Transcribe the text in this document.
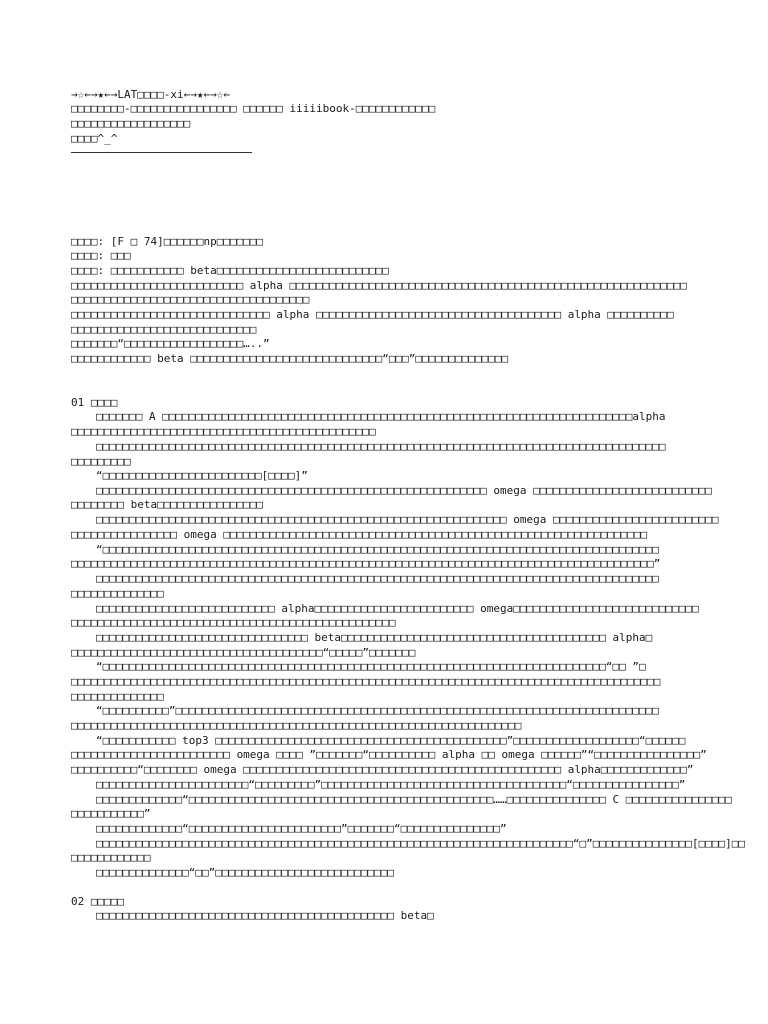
→☆←→★←→LAT□□□□-xi←→★←→☆←
□□□□□□□□-□□□□□□□□□□□□□□□□ □□□□□□ iiiiibook-□□□□□□□□□□□□
□□□□□□□□□□□□□□□□□□
□□□□^_^
□□□□: [F □ 74]□□□□□□np□□□□□□□
□□□□: □□□
□□□□: □□□□□□□□□□□ beta□□□□□□□□□□□□□□□□□□□□□□□□□□
□□□□□□□□□□□□□□□□□□□□□□□□□□ alpha □□□□□□□□□□□□□□□□□□□□□□□□□□□□□□□□□□□□□□□□□□□□□□□□□□□□□□□□□□□□
□□□□□□□□□□□□□□□□□□□□□□□□□□□□□□□□□□□□
□□□□□□□□□□□□□□□□□□□□□□□□□□□□□□ alpha □□□□□□□□□□□□□□□□□□□□□□□□□□□□□□□□□□□□□ alpha □□□□□□□□□□
□□□□□□□□□□□□□□□□□□□□□□□□□□□□
□□□□□□□“□□□□□□□□□□□□□□□□□□…..”
□□□□□□□□□□□□ beta □□□□□□□□□□□□□□□□□□□□□□□□□□□□□“□□□”□□□□□□□□□□□□□□
01 □□□□
□□□□□□□ A □□□□□□□□□□□□□□□□□□□□□□□□□□□□□□□□□□□□□□□□□□□□□□□□□□□□□□□□□□□□□□□□□□□□□□□alpha
□□□□□□□□□□□□□□□□□□□□□□□□□□□□□□□□□□□□□□□□□□□□□□
□□□□□□□□□□□□□□□□□□□□□□□□□□□□□□□□□□□□□□□□□□□□□□□□□□□□□□□□□□□□□□□□□□□□□□□□□□□□□□□□□□□□□□
□□□□□□□□□
“□□□□□□□□□□□□□□□□□□□□□□□□[□□□□]”
□□□□□□□□□□□□□□□□□□□□□□□□□□□□□□□□□□□□□□□□□□□□□□□□□□□□□□□□□□□ omega □□□□□□□□□□□□□□□□□□□□□□□□□□□
□□□□□□□□ beta□□□□□□□□□□□□□□□□
□□□□□□□□□□□□□□□□□□□□□□□□□□□□□□□□□□□□□□□□□□□□□□□□□□□□□□□□□□□□□□ omega □□□□□□□□□□□□□□□□□□□□□□□□□
□□□□□□□□□□□□□□□□ omega □□□□□□□□□□□□□□□□□□□□□□□□□□□□□□□□□□□□□□□□□□□□□□□□□□□□□□□□□□□□□□□□
“□□□□□□□□□□□□□□□□□□□□□□□□□□□□□□□□□□□□□□□□□□□□□□□□□□□□□□□□□□□□□□□□□□□□□□□□□□□□□□□□□□□□
□□□□□□□□□□□□□□□□□□□□□□□□□□□□□□□□□□□□□□□□□□□□□□□□□□□□□□□□□□□□□□□□□□□□□□□□□□□□□□□□□□□□□□□□”
□□□□□□□□□□□□□□□□□□□□□□□□□□□□□□□□□□□□□□□□□□□□□□□□□□□□□□□□□□□□□□□□□□□□□□□□□□□□□□□□□□□□□
□□□□□□□□□□□□□□
□□□□□□□□□□□□□□□□□□□□□□□□□□□ alpha□□□□□□□□□□□□□□□□□□□□□□□□ omega□□□□□□□□□□□□□□□□□□□□□□□□□□□□
□□□□□□□□□□□□□□□□□□□□□□□□□□□□□□□□□□□□□□□□□□□□□□□□□
□□□□□□□□□□□□□□□□□□□□□□□□□□□□□□□□ beta□□□□□□□□□□□□□□□□□□□□□□□□□□□□□□□□□□□□□□□□ alpha□
□□□□□□□□□□□□□□□□□□□□□□□□□□□□□□□□□□□□□□“□□□□□”□□□□□□□
“□□□□□□□□□□□□□□□□□□□□□□□□□□□□□□□□□□□□□□□□□□□□□□□□□□□□□□□□□□□□□□□□□□□□□□□□□□□□“□□ ”□
□□□□□□□□□□□□□□□□□□□□□□□□□□□□□□□□□□□□□□□□□□□□□□□□□□□□□□□□□□□□□□□□□□□□□□□□□□□□□□□□□□□□□□□□□
□□□□□□□□□□□□□□
“□□□□□□□□□□”□□□□□□□□□□□□□□□□□□□□□□□□□□□□□□□□□□□□□□□□□□□□□□□□□□□□□□□□□□□□□□□□□□□□□□□□□
□□□□□□□□□□□□□□□□□□□□□□□□□□□□□□□□□□□□□□□□□□□□□□□□□□□□□□□□□□□□□□□□□□□□
“□□□□□□□□□□□ top3 □□□□□□□□□□□□□□□□□□□□□□□□□□□□□□□□□□□□□□□□□□□□”□□□□□□□□□□□□□□□□□□□“□□□□□□
□□□□□□□□□□□□□□□□□□□□□□□□ omega □□□□ ”□□□□□□□“□□□□□□□□□□ alpha □□ omega □□□□□□”“□□□□□□□□□□□□□□□□”
□□□□□□□□□□“□□□□□□□□ omega □□□□□□□□□□□□□□□□□□□□□□□□□□□□□□□□□□□□□□□□□□□□□□□□ alpha□□□□□□□□□□□□□”
□□□□□□□□□□□□□□□□□□□□□□□“□□□□□□□□□”□□□□□□□□□□□□□□□□□□□□□□□□□□□□□□□□□□□□□“□□□□□□□□□□□□□□□□”
□□□□□□□□□□□□□“□□□□□□□□□□□□□□□□□□□□□□□□□□□□□□□□□□□□□□□□□□□□□□……□□□□□□□□□□□□□□□ C □□□□□□□□□□□□□□□□
□□□□□□□□□□□”
□□□□□□□□□□□□□“□□□□□□□□□□□□□□□□□□□□□□□”□□□□□□□“□□□□□□□□□□□□□□□”
□□□□□□□□□□□□□□□□□□□□□□□□□□□□□□□□□□□□□□□□□□□□□□□□□□□□□□□□□□□□□□□□□□□□□□□□“□”□□□□□□□□□□□□□□□[□□□□]□□
□□□□□□□□□□□□
□□□□□□□□□□□□□□“□□”□□□□□□□□□□□□□□□□□□□□□□□□□□□
02 □□□□□
□□□□□□□□□□□□□□□□□□□□□□□□□□□□□□□□□□□□□□□□□□□□□ beta□
